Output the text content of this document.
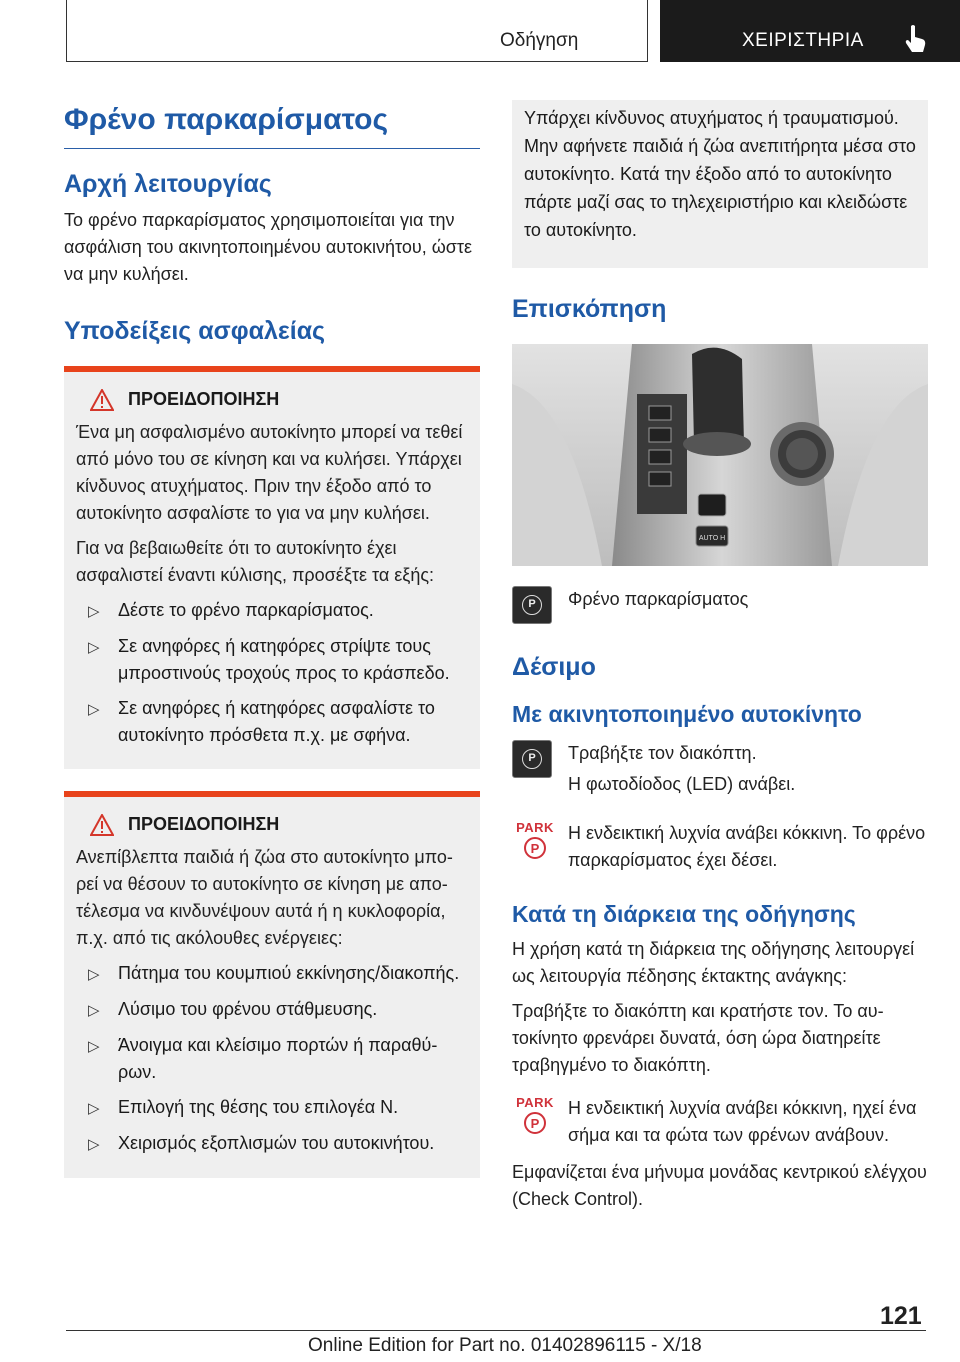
Οδήγηση	ΧΕΙΡΙΣΤΗΡΙΑ
Φρένο παρκαρίσματος
Αρχή λειτουργίας

Το φρένο παρκαρίσματος χρησιμοποιείται για την ασφάλιση του ακινητοποιημένου αυτοκινήτου, ώστε να μην κυλήσει.

Υποδείξεις ασφαλείας
ΠΡΟΕΙΔΟΠΟΙΗΣΗ

Ένα μη ασφαλισμένο αυτοκίνητο μπορεί να τεθεί από μόνο του σε κίνηση και να κυλήσει. Υπάρχει κίνδυνος ατυχήματος. Πριν την έξοδο από το αυτοκίνητο ασφαλίστε το για να μην κυλήσει.

Για να βεβαιωθείτε ότι το αυτοκίνητο έχει ασφαλιστεί έναντι κύλισης, προσέξτε τα εξής:

▷	Δέστε το φρένο παρκαρίσματος.
▷	Σε ανηφόρες ή κατηφόρες στρίψτε τους μπροστινούς τροχούς προς το κράσπεδο.
▷	Σε ανηφόρες ή κατηφόρες ασφαλίστε το αυτοκίνητο πρόσθετα π.χ. με σφήνα.
ΠΡΟΕΙΔΟΠΟΙΗΣΗ

Ανεπίβλεπτα παιδιά ή ζώα στο αυτοκίνητο μπορεί να θέσουν το αυτοκίνητο σε κίνηση με αποτέλεσμα να κινδυνέψουν αυτά ή η κυκλοφορία, π.χ. από τις ακόλουθες ενέργειες:

▷	Πάτημα του κουμπιού εκκίνησης/διακοπής.
▷	Λύσιμο του φρένου στάθμευσης.
▷	Άνοιγμα και κλείσιμο πορτών ή παραθύρων.
▷	Επιλογή της θέσης του επιλογέα N.
▷	Χειρισμός εξοπλισμών του αυτοκινήτου.
Υπάρχει κίνδυνος ατυχήματος ή τραυματισμού. Μην αφήνετε παιδιά ή ζώα ανεπιτήρητα μέσα στο αυτοκίνητο. Κατά την έξοδο από το αυτοκίνητο πάρτε μαζί σας το τηλεχειριστήριο και κλειδώστε το αυτοκίνητο.
Επισκόπηση
AUTO H
P	Φρένο παρκαρίσματος

Δέσιμο
Με ακινητοποιημένο αυτοκίνητο
P	Τραβήξτε τον διακόπτη.

Η φωτοδίοδος (LED) ανάβει.

PARK
P

Η ενδεικτική λυχνία ανάβει κόκκινη. Το φρένο παρκαρίσματος έχει δέσει.

Κατά τη διάρκεια της οδήγησης

Η χρήση κατά τη διάρκεια της οδήγησης λειτουργεί ως λειτουργία πέδησης έκτακτης ανάγκης:

Τραβήξτε το διακόπτη και κρατήστε τον. Το αυτοκίνητο φρενάρει δυνατά, όση ώρα διατηρείτε τραβηγμένο το διακόπτη.

PARK
P

Η ενδεικτική λυχνία ανάβει κόκκινη, ηχεί ένα σήμα και τα φώτα των φρένων ανάβουν.

Εμφανίζεται ένα μήνυμα μονάδας κεντρικού ελέγχου (Check Control).

121
Online Edition for Part no. 01402896115 - X/18
